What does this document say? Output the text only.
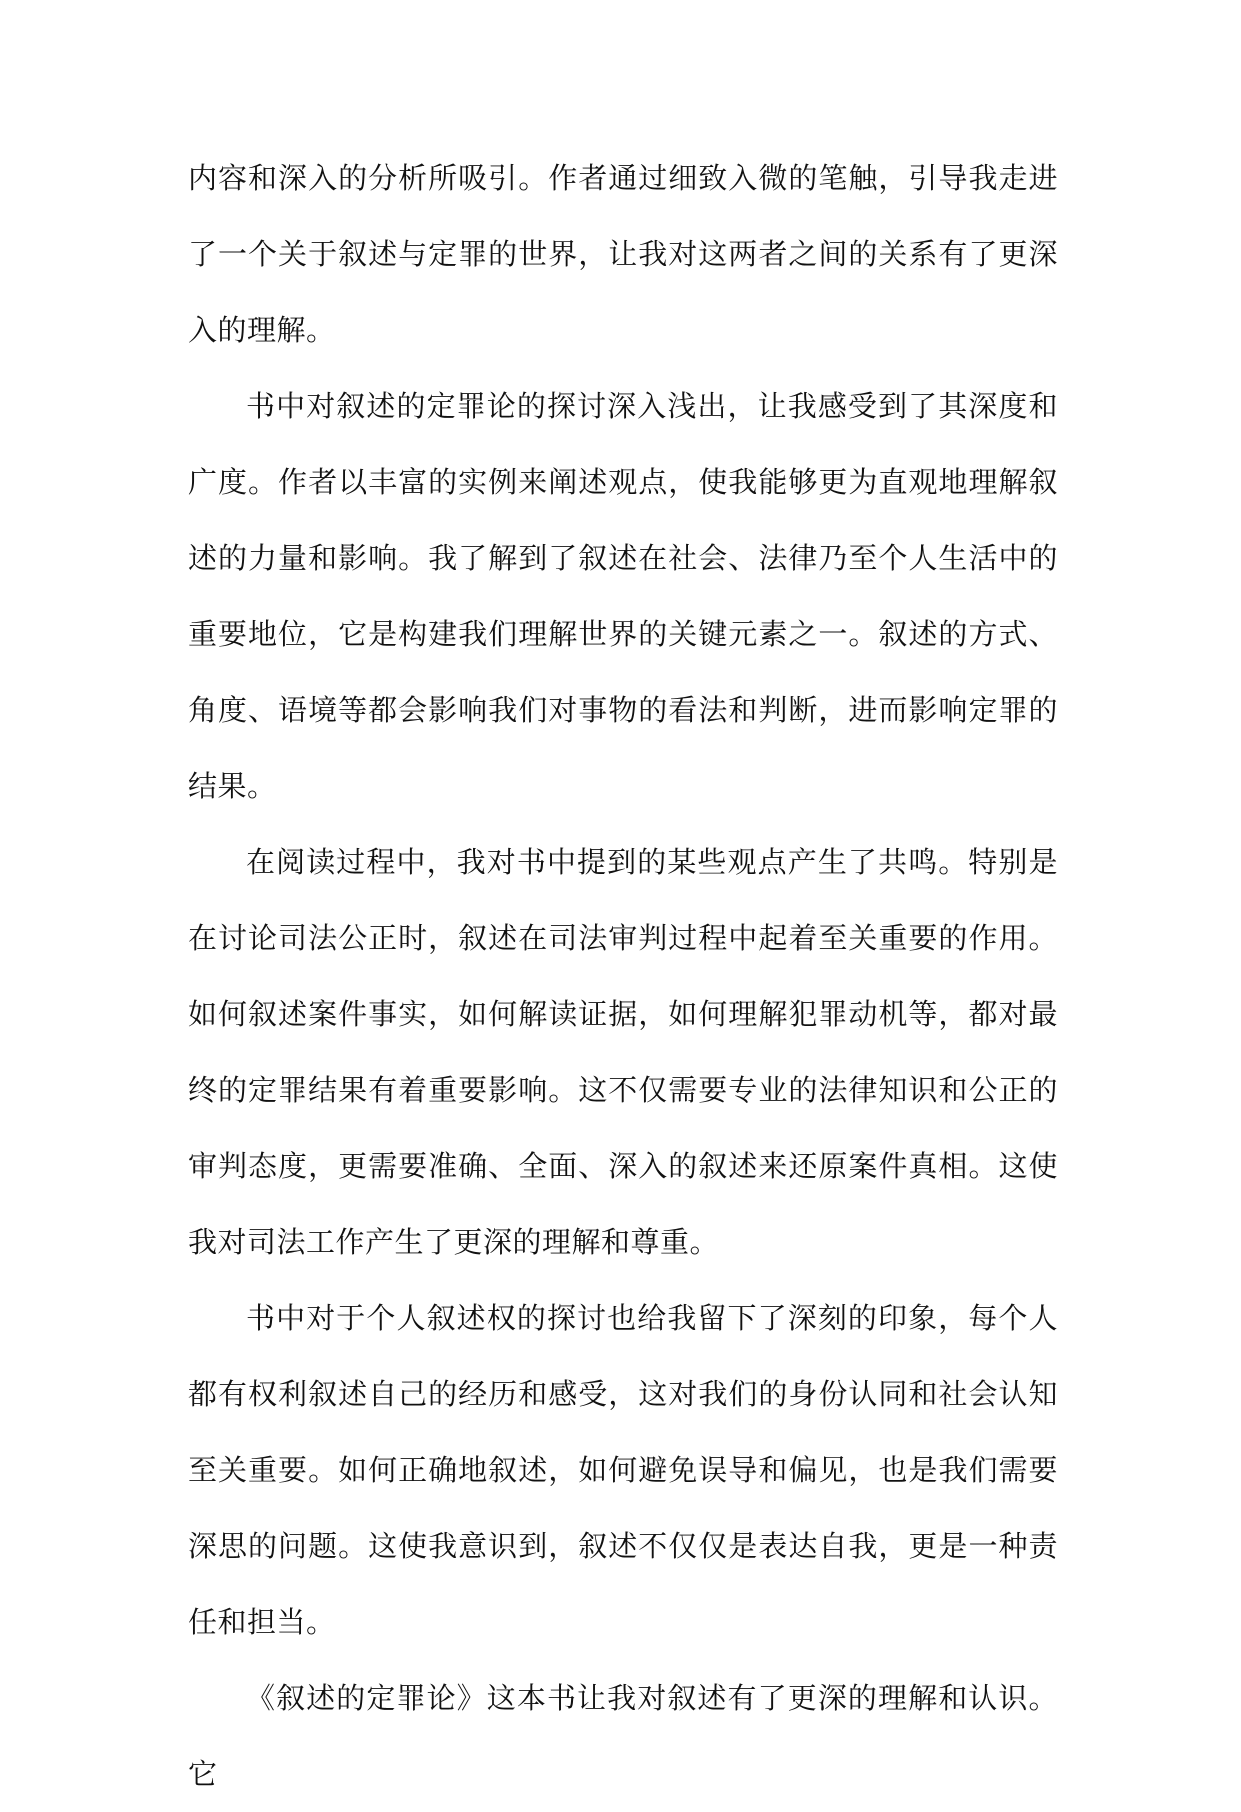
内容和深入的分析所吸引。作者通过细致入微的笔触，引导我走进了一个关于叙述与定罪的世界，让我对这两者之间的关系有了更深入的理解。

书中对叙述的定罪论的探讨深入浅出，让我感受到了其深度和广度。作者以丰富的实例来阐述观点，使我能够更为直观地理解叙述的力量和影响。我了解到了叙述在社会、法律乃至个人生活中的重要地位，它是构建我们理解世界的关键元素之一。叙述的方式、角度、语境等都会影响我们对事物的看法和判断，进而影响定罪的结果。

在阅读过程中，我对书中提到的某些观点产生了共鸣。特别是在讨论司法公正时，叙述在司法审判过程中起着至关重要的作用。如何叙述案件事实，如何解读证据，如何理解犯罪动机等，都对最终的定罪结果有着重要影响。这不仅需要专业的法律知识和公正的审判态度，更需要准确、全面、深入的叙述来还原案件真相。这使我对司法工作产生了更深的理解和尊重。

书中对于个人叙述权的探讨也给我留下了深刻的印象，每个人都有权利叙述自己的经历和感受，这对我们的身份认同和社会认知至关重要。如何正确地叙述，如何避免误导和偏见，也是我们需要深思的问题。这使我意识到，叙述不仅仅是表达自我，更是一种责任和担当。

《叙述的定罪论》这本书让我对叙述有了更深的理解和认识。它
